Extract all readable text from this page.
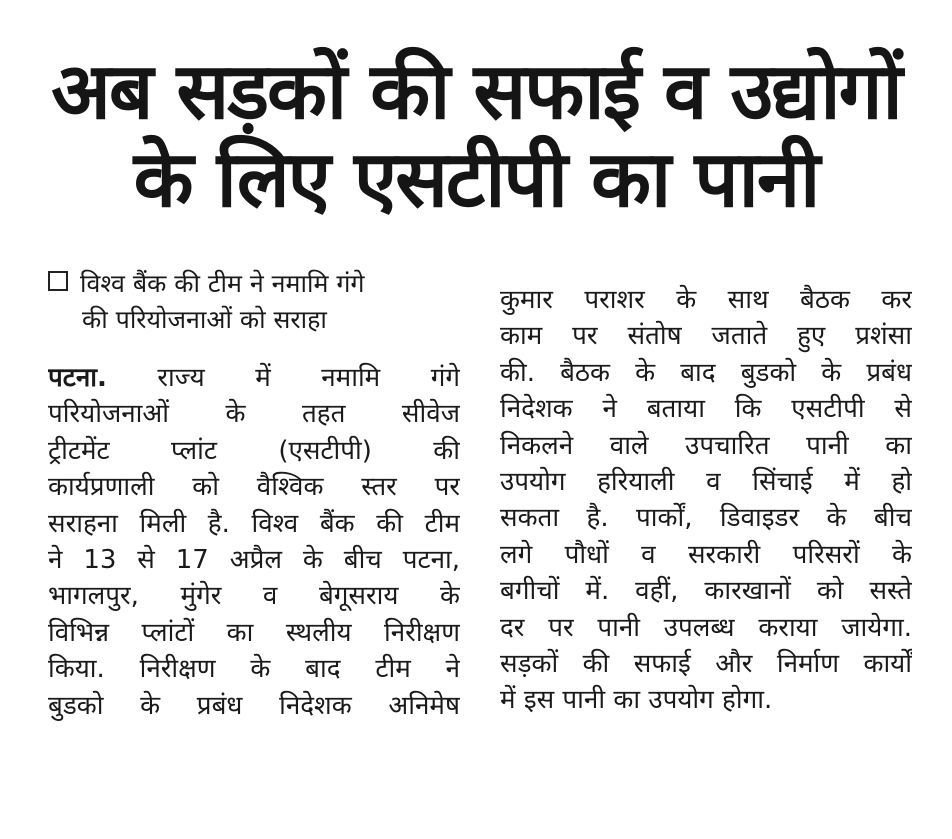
अब सड़कों की सफाई व उद्योगों
के लिए एसटीपी का पानी
विश्व बैंक की टीम ने नमामि गंगे
की परियोजनाओं को सराहा
पटना. राज्य में नमामि गंगे
परियोजनाओं के तहत सीवेज
ट्रीटमेंट प्लांट (एसटीपी) की
कार्यप्रणाली को वैश्विक स्तर पर
सराहना मिली है. विश्व बैंक की टीम
ने 13 से 17 अप्रैल के बीच पटना,
भागलपुर, मुंगेर व बेगूसराय के
विभिन्न प्लांटों का स्थलीय निरीक्षण
किया. निरीक्षण के बाद टीम ने
बुडको के प्रबंध निदेशक अनिमेष
कुमार पराशर के साथ बैठक कर
काम पर संतोष जताते हुए प्रशंसा
की. बैठक के बाद बुडको के प्रबंध
निदेशक ने बताया कि एसटीपी से
निकलने वाले उपचारित पानी का
उपयोग हरियाली व सिंचाई में हो
सकता है. पार्कों, डिवाइडर के बीच
लगे पौधों व सरकारी परिसरों के
बगीचों में. वहीं, कारखानों को सस्ते
दर पर पानी उपलब्ध कराया जायेगा.
सड़कों की सफाई और निर्माण कार्यों
में इस पानी का उपयोग होगा.
